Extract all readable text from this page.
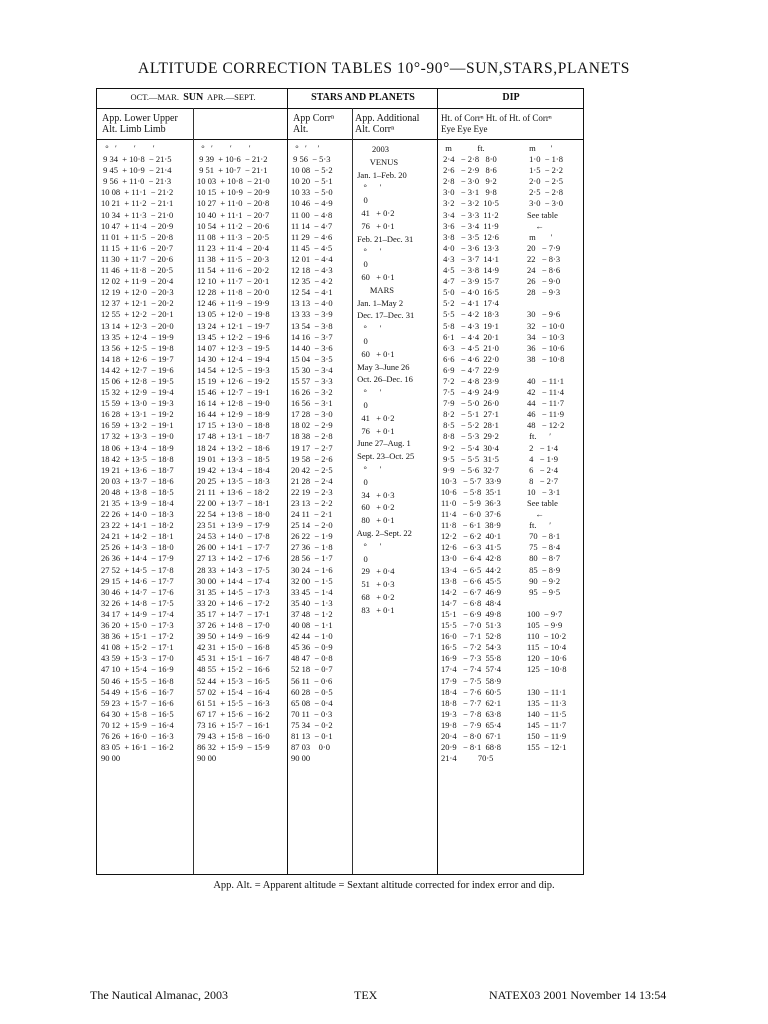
ALTITUDE CORRECTION TABLES 10°-90°—SUN,STARS,PLANETS
OCT.—MAR. SUN APR.—SEPT.	STARS AND PLANETS	DIP
App. Lower Upper
Alt. Limb Limb
App Corrⁿ
Alt.
App. Additional
Alt. Corrⁿ
Ht. of Corrⁿ Ht. of Ht. of Corrⁿ
Eye Eye Eye
°   ′        ′        ′
9 34  + 10·8  − 21·5
9 45  + 10·9  − 21·4
9 56  + 11·0  − 21·3
10 08  + 11·1  − 21·2
10 21  + 11·2  − 21·1
10 34  + 11·3  − 21·0
10 47  + 11·4  − 20·9
11 01  + 11·5  − 20·8
11 15  + 11·6  − 20·7
11 30  + 11·7  − 20·6
11 46  + 11·8  − 20·5
12 02  + 11·9  − 20·4
12 19  + 12·0  − 20·3
12 37  + 12·1  − 20·2
12 55  + 12·2  − 20·1
13 14  + 12·3  − 20·0
13 35  + 12·4  − 19·9
13 56  + 12·5  − 19·8
14 18  + 12·6  − 19·7
14 42  + 12·7  − 19·6
15 06  + 12·8  − 19·5
15 32  + 12·9  − 19·4
15 59  + 13·0  − 19·3
16 28  + 13·1  − 19·2
16 59  + 13·2  − 19·1
17 32  + 13·3  − 19·0
18 06  + 13·4  − 18·9
18 42  + 13·5  − 18·8
19 21  + 13·6  − 18·7
20 03  + 13·7  − 18·6
20 48  + 13·8  − 18·5
21 35  + 13·9  − 18·4
22 26  + 14·0  − 18·3
23 22  + 14·1  − 18·2
24 21  + 14·2  − 18·1
25 26  + 14·3  − 18·0
26 36  + 14·4  − 17·9
27 52  + 14·5  − 17·8
29 15  + 14·6  − 17·7
30 46  + 14·7  − 17·6
32 26  + 14·8  − 17·5
34 17  + 14·9  − 17·4
36 20  + 15·0  − 17·3
38 36  + 15·1  − 17·2
41 08  + 15·2  − 17·1
43 59  + 15·3  − 17·0
47 10  + 15·4  − 16·9
50 46  + 15·5  − 16·8
54 49  + 15·6  − 16·7
59 23  + 15·7  − 16·6
64 30  + 15·8  − 16·5
70 12  + 15·9  − 16·4
76 26  + 16·0  − 16·3
83 05  + 16·1  − 16·2
90 00
°   ′        ′        ′
9 39  + 10·6  − 21·2
9 51  + 10·7  − 21·1
10 03  + 10·8  − 21·0
10 15  + 10·9  − 20·9
10 27  + 11·0  − 20·8
10 40  + 11·1  − 20·7
10 54  + 11·2  − 20·6
11 08  + 11·3  − 20·5
11 23  + 11·4  − 20·4
11 38  + 11·5  − 20·3
11 54  + 11·6  − 20·2
12 10  + 11·7  − 20·1
12 28  + 11·8  − 20·0
12 46  + 11·9  − 19·9
13 05  + 12·0  − 19·8
13 24  + 12·1  − 19·7
13 45  + 12·2  − 19·6
14 07  + 12·3  − 19·5
14 30  + 12·4  − 19·4
14 54  + 12·5  − 19·3
15 19  + 12·6  − 19·2
15 46  + 12·7  − 19·1
16 14  + 12·8  − 19·0
16 44  + 12·9  − 18·9
17 15  + 13·0  − 18·8
17 48  + 13·1  − 18·7
18 24  + 13·2  − 18·6
19 01  + 13·3  − 18·5
19 42  + 13·4  − 18·4
20 25  + 13·5  − 18·3
21 11  + 13·6  − 18·2
22 00  + 13·7  − 18·1
22 54  + 13·8  − 18·0
23 51  + 13·9  − 17·9
24 53  + 14·0  − 17·8
26 00  + 14·1  − 17·7
27 13  + 14·2  − 17·6
28 33  + 14·3  − 17·5
30 00  + 14·4  − 17·4
31 35  + 14·5  − 17·3
33 20  + 14·6  − 17·2
35 17  + 14·7  − 17·1
37 26  + 14·8  − 17·0
39 50  + 14·9  − 16·9
42 31  + 15·0  − 16·8
45 31  + 15·1  − 16·7
48 55  + 15·2  − 16·6
52 44  + 15·3  − 16·5
57 02  + 15·4  − 16·4
61 51  + 15·5  − 16·3
67 17  + 15·6  − 16·2
73 16  + 15·7  − 16·1
79 43  + 15·8  − 16·0
86 32  + 15·9  − 15·9
90 00
°   ′     ′
9 56  − 5·3
10 08  − 5·2
10 20  − 5·1
10 33  − 5·0
10 46  − 4·9
11 00  − 4·8
11 14  − 4·7
11 29  − 4·6
11 45  − 4·5
12 01  − 4·4
12 18  − 4·3
12 35  − 4·2
12 54  − 4·1
13 13  − 4·0
13 33  − 3·9
13 54  − 3·8
14 16  − 3·7
14 40  − 3·6
15 04  − 3·5
15 30  − 3·4
15 57  − 3·3
16 26  − 3·2
16 56  − 3·1
17 28  − 3·0
18 02  − 2·9
18 38  − 2·8
19 17  − 2·7
19 58  − 2·6
20 42  − 2·5
21 28  − 2·4
22 19  − 2·3
23 13  − 2·2
24 11  − 2·1
25 14  − 2·0
26 22  − 1·9
27 36  − 1·8
28 56  − 1·7
30 24  − 1·6
32 00  − 1·5
33 45  − 1·4
35 40  − 1·3
37 48  − 1·2
40 08  − 1·1
42 44  − 1·0
45 36  − 0·9
48 47  − 0·8
52 18  − 0·7
56 11  − 0·6
60 28  − 0·5
65 08  − 0·4
70 11  − 0·3
75 34  − 0·2
81 13  − 0·1
87 03    0·0
90 00
2003
VENUS
Jan. 1–Feb. 20
°      ′
0
41   + 0·2
76   + 0·1
Feb. 21–Dec. 31
°      ′
0
60   + 0·1
MARS
Jan. 1–May 2
Dec. 17–Dec. 31
°      ′
0
60   + 0·1
May 3–June 26
Oct. 26–Dec. 16
°      ′
0
41   + 0·2
76   + 0·1
June 27–Aug. 1
Sept. 23–Oct. 25
°      ′
0
34   + 0·3
60   + 0·2
80   + 0·1
Aug. 2–Sept. 22
°      ′
0
29   + 0·4
51   + 0·3
68   + 0·2
83   + 0·1
m            ft.
2·4   − 2·8   8·0
2·6   − 2·9   8·6
2·8   − 3·0   9·2
3·0   − 3·1   9·8
3·2   − 3·2  10·5
3·4   − 3·3  11·2
3·6   − 3·4  11·9
3·8   − 3·5  12·6
4·0   − 3·6  13·3
4·3   − 3·7  14·1
4·5   − 3·8  14·9
4·7   − 3·9  15·7
5·0   − 4·0  16·5
5·2   − 4·1  17·4
5·5   − 4·2  18·3
5·8   − 4·3  19·1
6·1   − 4·4  20·1
6·3   − 4·5  21·0
6·6   − 4·6  22·0
6·9   − 4·7  22·9
7·2   − 4·8  23·9
7·5   − 4·9  24·9
7·9   − 5·0  26·0
8·2   − 5·1  27·1
8·5   − 5·2  28·1
8·8   − 5·3  29·2
9·2   − 5·4  30·4
9·5   − 5·5  31·5
9·9   − 5·6  32·7
10·3   − 5·7  33·9
10·6   − 5·8  35·1
11·0   − 5·9  36·3
11·4   − 6·0  37·6
11·8   − 6·1  38·9
12·2   − 6·2  40·1
12·6   − 6·3  41·5
13·0   − 6·4  42·8
13·4   − 6·5  44·2
13·8   − 6·6  45·5
14·2   − 6·7  46·9
14·7   − 6·8  48·4
15·1   − 6·9  49·8
15·5   − 7·0  51·3
16·0   − 7·1  52·8
16·5   − 7·2  54·3
16·9   − 7·3  55·8
17·4   − 7·4  57·4
17·9   − 7·5  58·9
18·4   − 7·6  60·5
18·8   − 7·7  62·1
19·3   − 7·8  63·8
19·8   − 7·9  65·4
20·4   − 8·0  67·1
20·9   − 8·1  68·8
21·4          70·5
m       ′
1·0  − 1·8
1·5  − 2·2
2·0  − 2·5
2·5  − 2·8
3·0  − 3·0
See table
←
m       ′
20   − 7·9
22   − 8·3
24   − 8·6
26   − 9·0
28   − 9·3

30   − 9·6
32   − 10·0
34   − 10·3
36   − 10·6
38   − 10·8

40   − 11·1
42   − 11·4
44   − 11·7
46   − 11·9
48   − 12·2
ft.      ′
2   − 1·4
4   − 1·9
6   − 2·4
8   − 2·7
10   − 3·1
See table
←
ft.      ′
70  − 8·1
75  − 8·4
80  − 8·7
85  − 8·9
90  − 9·2
95  − 9·5

100  − 9·7
105  − 9·9
110  − 10·2
115  − 10·4
120  − 10·6
125  − 10·8

130  − 11·1
135  − 11·3
140  − 11·5
145  − 11·7
150  − 11·9
155  − 12·1
App. Alt. = Apparent altitude = Sextant altitude corrected for index error and dip.
The Nautical Almanac, 2003	TEX	NATEX03 2001 November 14 13:54
